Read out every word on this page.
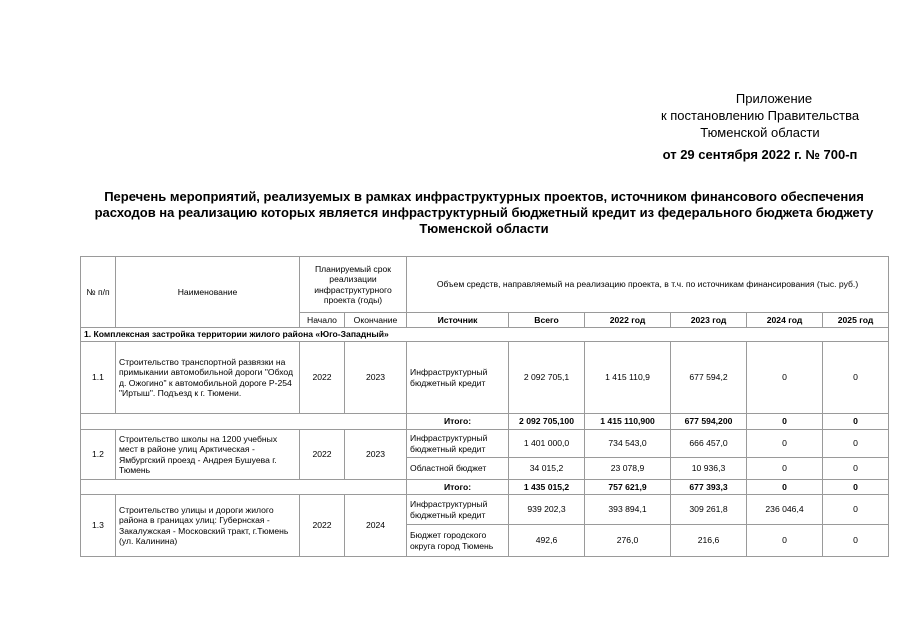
Приложение
к постановлению Правительства
Тюменской области
от 29 сентября 2022 г. № 700-п
Перечень мероприятий, реализуемых в рамках инфраструктурных проектов, источником финансового обеспечения расходов на реализацию которых является инфраструктурный бюджетный кредит из федерального бюджета бюджету Тюменской области
№ п/п	Наименование	Планируемый срок реализации инфраструктурного проекта (годы)		Объем средств, направляемый на реализацию проекта, в т.ч. по источникам финансирования (тыс. руб.)					
		Начало	Окончание	Источник	Всего	2022 год	2023 год	2024 год	2025 год
1. Комплексная застройка территории жилого района «Юго-Западный»									
1.1	Строительство транспортной развязки на примыкании автомобильной дороги "Обход д. Ожогино" к автомобильной дороге Р-254 "Иртыш". Подъезд к г. Тюмени.	2022	2023	Инфраструктурный бюджетный кредит	2 092 705,1	1 415 110,9	677 594,2	0	0
				Итого:	2 092 705,100	1 415 110,900	677 594,200	0	0
1.2	Строительство школы на 1200 учебных мест в районе улиц Арктическая - Ямбургский проезд - Андрея Бушуева г. Тюмень	2022	2023	Инфраструктурный бюджетный кредит	1 401 000,0	734 543,0	666 457,0	0	0
				Областной бюджет	34 015,2	23 078,9	10 936,3	0	0
				Итого:	1 435 015,2	757 621,9	677 393,3	0	0
1.3	Строительство улицы и дороги жилого района в границах улиц: Губернская - Закалужская - Московский тракт, г.Тюмень (ул. Калинина)	2022	2024	Инфраструктурный бюджетный кредит	939 202,3	393 894,1	309 261,8	236 046,4	0
				Бюджет городского округа город Тюмень	492,6	276,0	216,6	0	0
